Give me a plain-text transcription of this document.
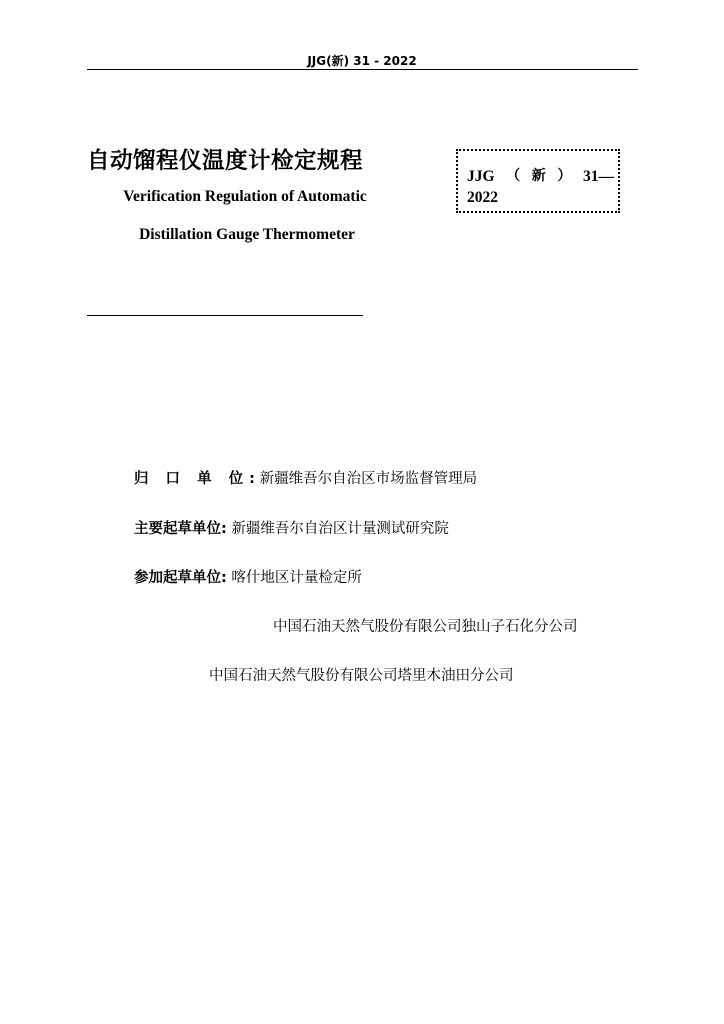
JJG(新) 31 - 2022
自动馏程仪温度计检定规程
Verification Regulation of Automatic
Distillation Gauge Thermometer
JJG （ 新 ） 31—
2022
归 口 单 位: 新疆维吾尔自治区市场监督管理局
主要起草单位: 新疆维吾尔自治区计量测试研究院
参加起草单位: 喀什地区计量检定所
中国石油天然气股份有限公司独山子石化分公司
中国石油天然气股份有限公司塔里木油田分公司
